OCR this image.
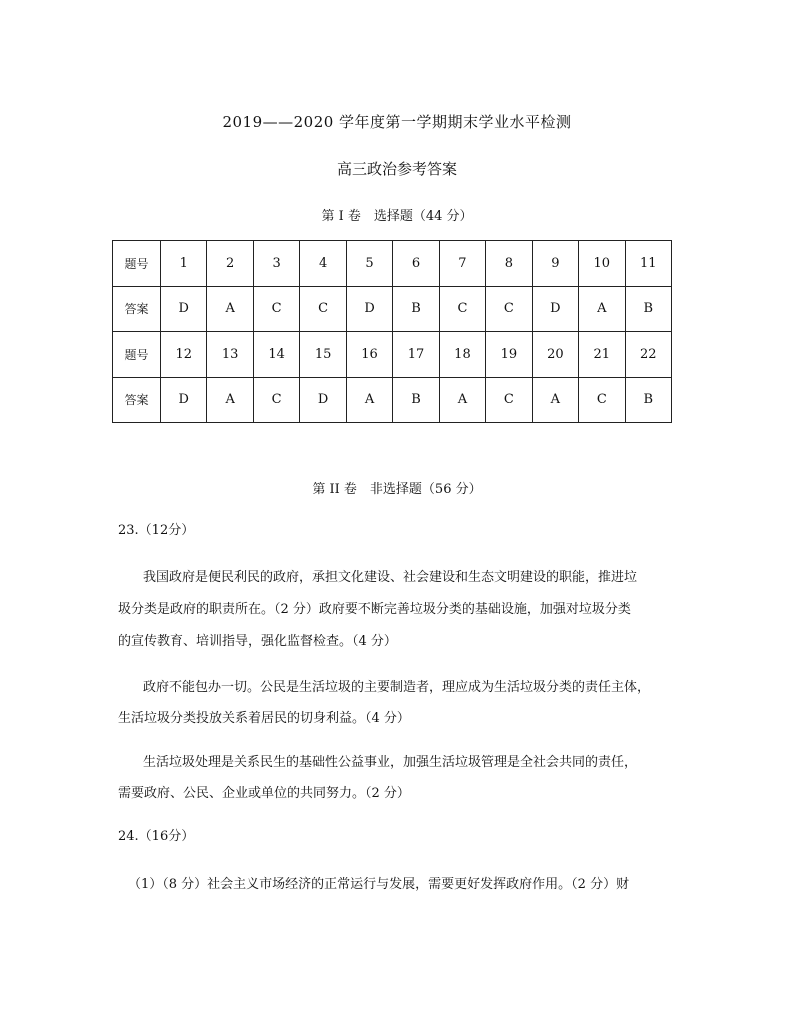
2019——2020 学年度第一学期期末学业水平检测
高三政治参考答案
第 I 卷　选择题（44 分）
题号	1	2	3	4	5	6	7	8	9	10	11
答案	D	A	C	C	D	B	C	C	D	A	B
题号	12	13	14	15	16	17	18	19	20	21	22
答案	D	A	C	D	A	B	A	C	A	C	B
第 II 卷　非选择题（56 分）
23.（12分）
我国政府是便民利民的政府，承担文化建设、社会建设和生态文明建设的职能，推进垃
圾分类是政府的职责所在。（2 分）政府要不断完善垃圾分类的基础设施，加强对垃圾分类
的宣传教育、培训指导，强化监督检查。（4 分）
政府不能包办一切。公民是生活垃圾的主要制造者，理应成为生活垃圾分类的责任主体，
生活垃圾分类投放关系着居民的切身利益。（4 分）
生活垃圾处理是关系民生的基础性公益事业，加强生活垃圾管理是全社会共同的责任，
需要政府、公民、企业或单位的共同努力。（2 分）
24.（16分）
（1）（8 分）社会主义市场经济的正常运行与发展，需要更好发挥政府作用。（2 分）财
